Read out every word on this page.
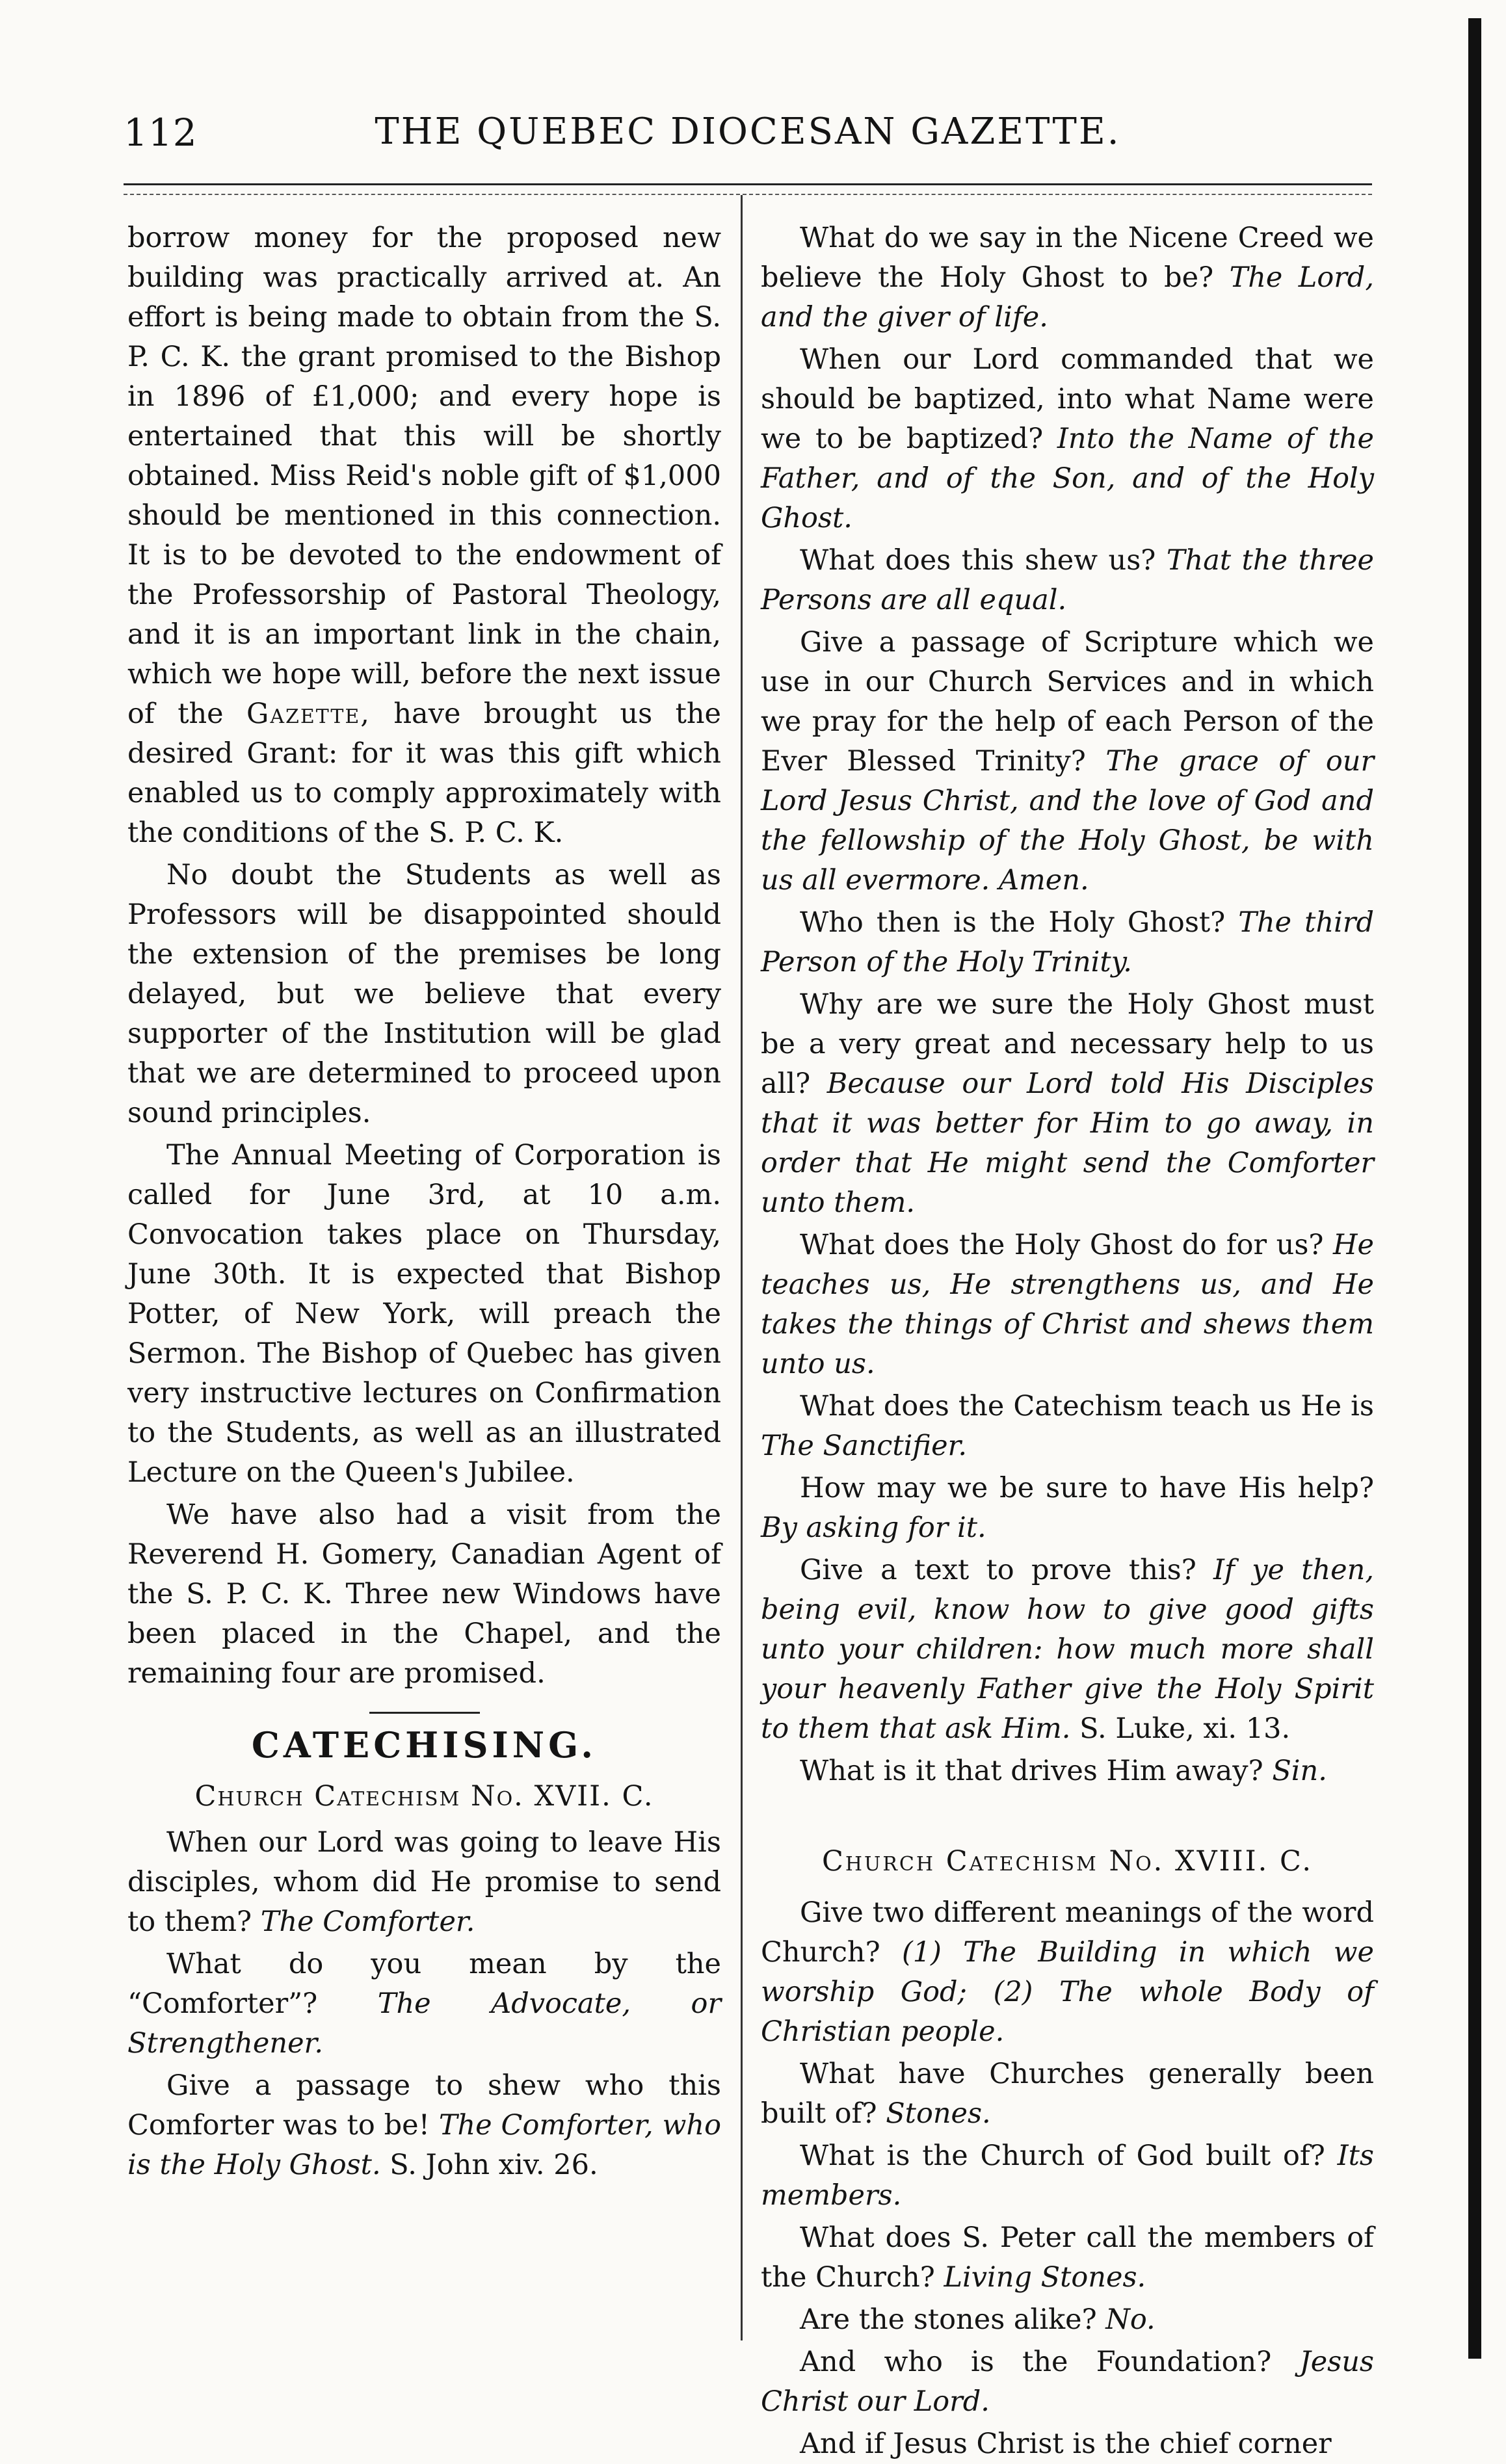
112	THE QUEBEC DIOCESAN GAZETTE.

borrow money for the proposed new building was practically arrived at. An effort is being made to obtain from the S. P. C. K. the grant promised to the Bishop in 1896 of £1,000; and every hope is entertained that this will be shortly obtained. Miss Reid's noble gift of $1,000 should be mentioned in this connection. It is to be devoted to the endowment of the Professorship of Pastoral Theology, and it is an important link in the chain, which we hope will, before the next issue of the Gazette, have brought us the desired Grant: for it was this gift which enabled us to comply approximately with the conditions of the S. P. C. K.

No doubt the Students as well as Professors will be disappointed should the extension of the premises be long delayed, but we believe that every supporter of the Institution will be glad that we are determined to proceed upon sound principles.

The Annual Meeting of Corporation is called for June 3rd, at 10 a.m. Convocation takes place on Thursday, June 30th. It is expected that Bishop Potter, of New York, will preach the Sermon. The Bishop of Quebec has given very instructive lectures on Confirmation to the Students, as well as an illustrated Lecture on the Queen's Jubilee.

We have also had a visit from the Reverend H. Gomery, Canadian Agent of the S. P. C. K. Three new Windows have been placed in the Chapel, and the remaining four are promised.

CATECHISING.
Church Catechism No. XVII. C.

When our Lord was going to leave His disciples, whom did He promise to send to them? The Comforter.

What do you mean by the “Comforter”? The Advocate, or Strengthener.

Give a passage to shew who this Comforter was to be! The Comforter, who is the Holy Ghost. S. John xiv. 26.

What do we say in the Nicene Creed we believe the Holy Ghost to be? The Lord, and the giver of life.

When our Lord commanded that we should be baptized, into what Name were we to be baptized? Into the Name of the Father, and of the Son, and of the Holy Ghost.

What does this shew us? That the three Persons are all equal.

Give a passage of Scripture which we use in our Church Services and in which we pray for the help of each Person of the Ever Blessed Trinity? The grace of our Lord Jesus Christ, and the love of God and the fellowship of the Holy Ghost, be with us all evermore. Amen.

Who then is the Holy Ghost? The third Person of the Holy Trinity.

Why are we sure the Holy Ghost must be a very great and necessary help to us all? Because our Lord told His Disciples that it was better for Him to go away, in order that He might send the Comforter unto them.

What does the Holy Ghost do for us? He teaches us, He strengthens us, and He takes the things of Christ and shews them unto us.

What does the Catechism teach us He is The Sanctifier.

How may we be sure to have His help? By asking for it.

Give a text to prove this? If ye then, being evil, know how to give good gifts unto your children: how much more shall your heavenly Father give the Holy Spirit to them that ask Him. S. Luke, xi. 13.

What is it that drives Him away? Sin.

Church Catechism No. XVIII. C.

Give two different meanings of the word Church? (1) The Building in which we worship God; (2) The whole Body of Christian people.

What have Churches generally been built of? Stones.

What is the Church of God built of? Its members.

What does S. Peter call the members of the Church? Living Stones.

Are the stones alike? No.

And who is the Foundation? Jesus Christ our Lord.

And if Jesus Christ is the chief corner
